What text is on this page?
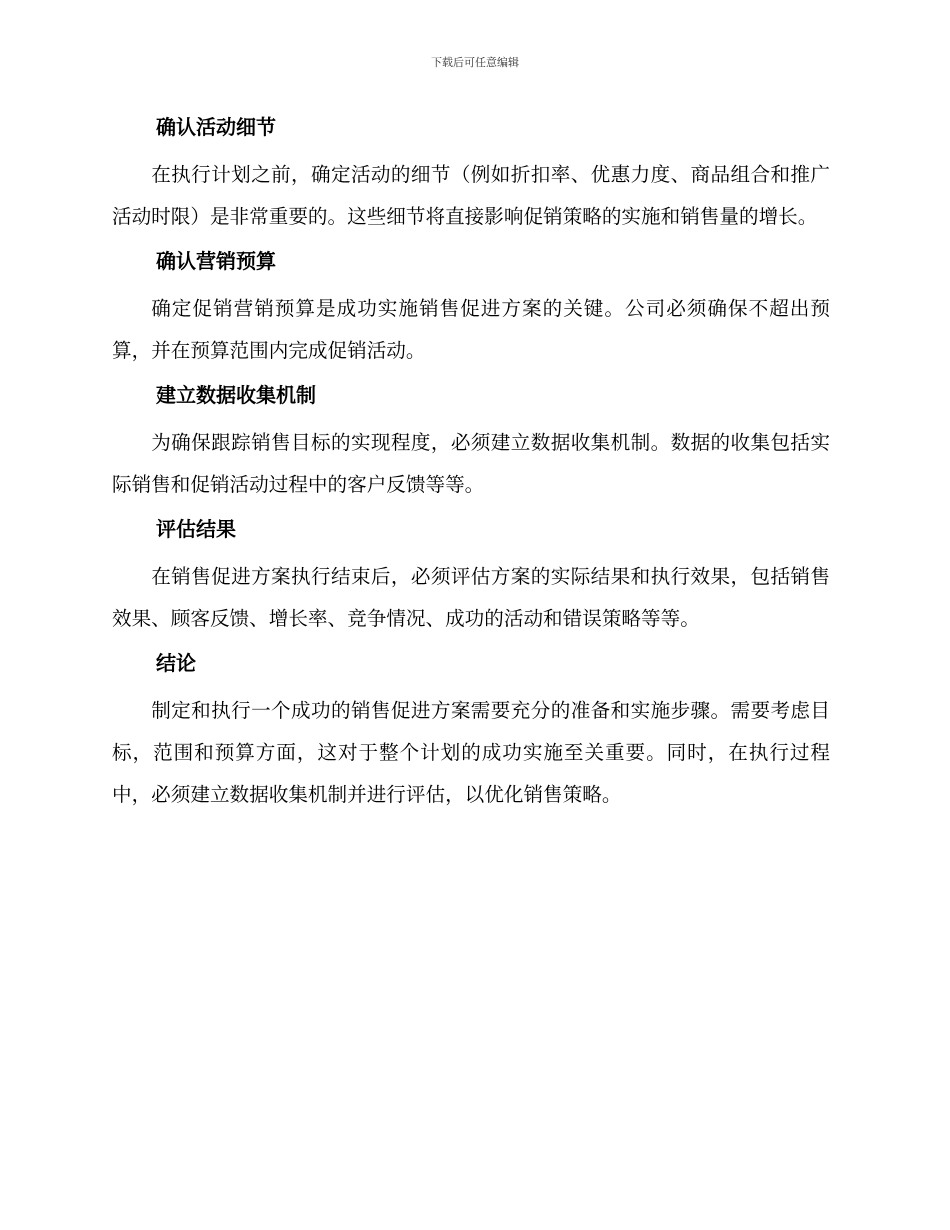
下载后可任意编辑
确认活动细节

在执行计划之前，确定活动的细节（例如折扣率、优惠力度、商品组合和推广活动时限）是非常重要的。这些细节将直接影响促销策略的实施和销售量的增长。

确认营销预算

确定促销营销预算是成功实施销售促进方案的关键。公司必须确保不超出预算，并在预算范围内完成促销活动。

建立数据收集机制

为确保跟踪销售目标的实现程度，必须建立数据收集机制。数据的收集包括实际销售和促销活动过程中的客户反馈等等。

评估结果

在销售促进方案执行结束后，必须评估方案的实际结果和执行效果，包括销售效果、顾客反馈、增长率、竞争情况、成功的活动和错误策略等等。

结论

制定和执行一个成功的销售促进方案需要充分的准备和实施步骤。需要考虑目标，范围和预算方面，这对于整个计划的成功实施至关重要。同时，在执行过程中，必须建立数据收集机制并进行评估，以优化销售策略。
